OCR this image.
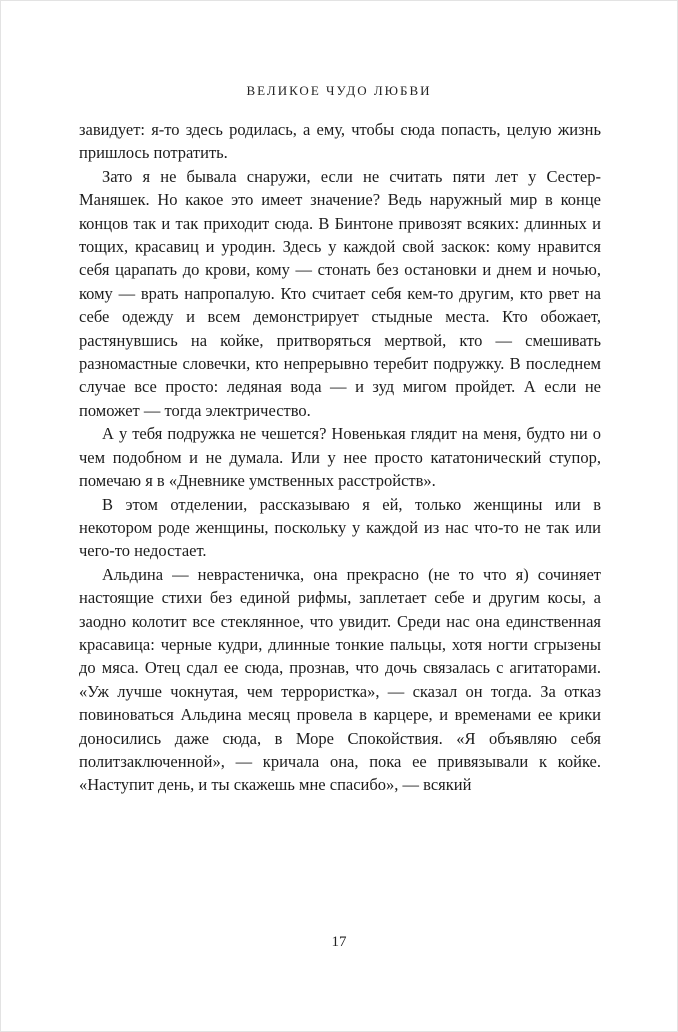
ВЕЛИКОЕ ЧУДО ЛЮБВИ

завидует: я-то здесь родилась, а ему, чтобы сюда попасть, целую жизнь пришлось потратить.

Зато я не бывала снаружи, если не считать пяти лет у Сестер-Маняшек. Но какое это имеет значение? Ведь наружный мир в конце концов так и так приходит сюда. В Бинтоне привозят всяких: длинных и тощих, красавиц и уродин. Здесь у каждой свой заскок: кому нравится себя царапать до крови, кому — стонать без остановки и днем и ночью, кому — врать напропалую. Кто считает себя кем-то другим, кто рвет на себе одежду и всем демонстрирует стыдные места. Кто обожает, растянувшись на койке, притворяться мертвой, кто — смешивать разномастные словечки, кто непрерывно теребит подружку. В последнем случае все просто: ледяная вода — и зуд мигом пройдет. А если не поможет — тогда электричество.

А у тебя подружка не чешется? Новенькая глядит на меня, будто ни о чем подобном и не думала. Или у нее просто кататонический ступор, помечаю я в «Дневнике умственных расстройств».

В этом отделении, рассказываю я ей, только женщины или в некотором роде женщины, поскольку у каждой из нас что-то не так или чего-то недостает.

Альдина — неврастеничка, она прекрасно (не то что я) сочиняет настоящие стихи без единой рифмы, заплетает себе и другим косы, а заодно колотит все стеклянное, что увидит. Среди нас она единственная красавица: черные кудри, длинные тонкие пальцы, хотя ногти сгрызены до мяса. Отец сдал ее сюда, прознав, что дочь связалась с агитаторами. «Уж лучше чокнутая, чем террористка», — сказал он тогда. За отказ повиноваться Альдина месяц провела в карцере, и временами ее крики доносились даже сюда, в Море Спокойствия. «Я объявляю себя политзаключенной», — кричала она, пока ее привязывали к койке. «Наступит день, и ты скажешь мне спасибо», — всякий

17
